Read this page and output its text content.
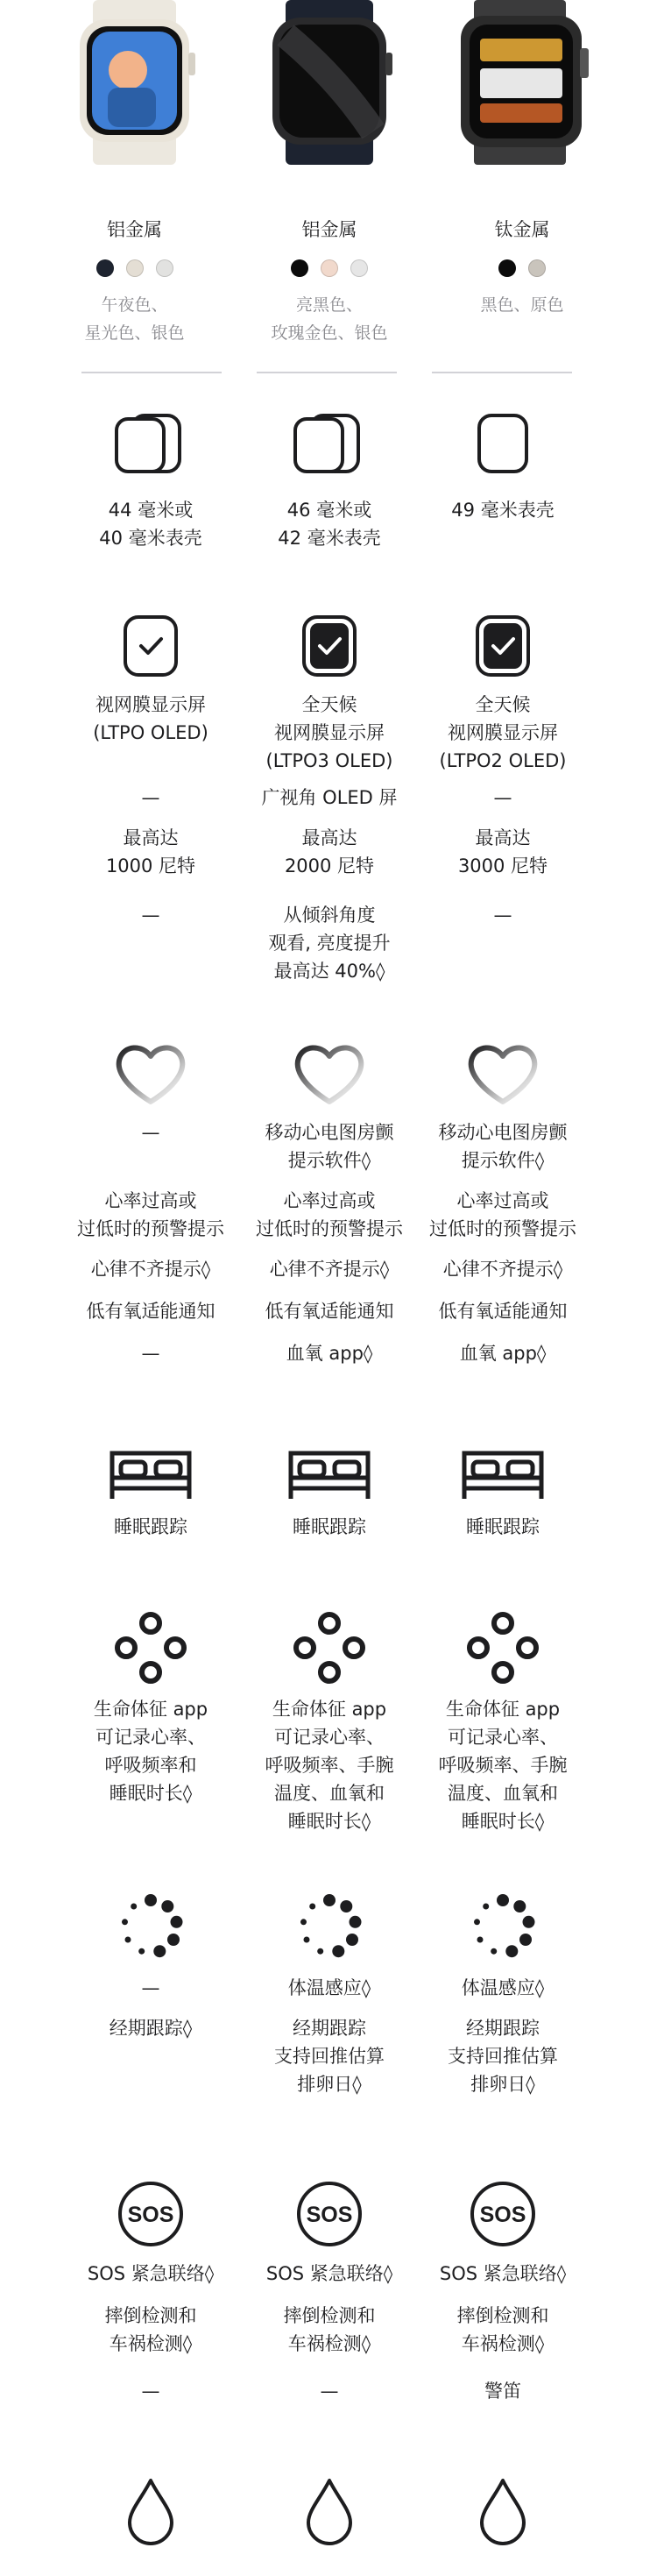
铝金属
午夜色、
星光色、银色
铝金属
亮黑色、
玫瑰金色、银色
钛金属
黑色、原色
44 毫米或
40 毫米表壳
视网膜显示屏
(LTPO OLED)
—
最高达
1000 尼特
—
—
心率过高或
过低时的预警提示
心律不齐提示◊
低有氧适能通知
—
睡眠跟踪
生命体征 app
可记录心率、
呼吸频率和
睡眠时长◊
—
经期跟踪◊
SOS
SOS 紧急联络◊
摔倒检测和
车祸检测◊
—
46 毫米或
42 毫米表壳
全天候
视网膜显示屏
(LTPO3 OLED)
广视角 OLED 屏
最高达
2000 尼特
从倾斜角度
观看, 亮度提升
最高达 40%◊
移动心电图房颤
提示软件◊
心率过高或
过低时的预警提示
心律不齐提示◊
低有氧适能通知
血氧 app◊
睡眠跟踪
生命体征 app
可记录心率、
呼吸频率、手腕
温度、血氧和
睡眠时长◊
体温感应◊
经期跟踪
支持回推估算
排卵日◊
SOS
SOS 紧急联络◊
摔倒检测和
车祸检测◊
—
49 毫米表壳
全天候
视网膜显示屏
(LTPO2 OLED)
—
最高达
3000 尼特
—
移动心电图房颤
提示软件◊
心率过高或
过低时的预警提示
心律不齐提示◊
低有氧适能通知
血氧 app◊
睡眠跟踪
生命体征 app
可记录心率、
呼吸频率、手腕
温度、血氧和
睡眠时长◊
体温感应◊
经期跟踪
支持回推估算
排卵日◊
SOS
SOS 紧急联络◊
摔倒检测和
车祸检测◊
警笛
